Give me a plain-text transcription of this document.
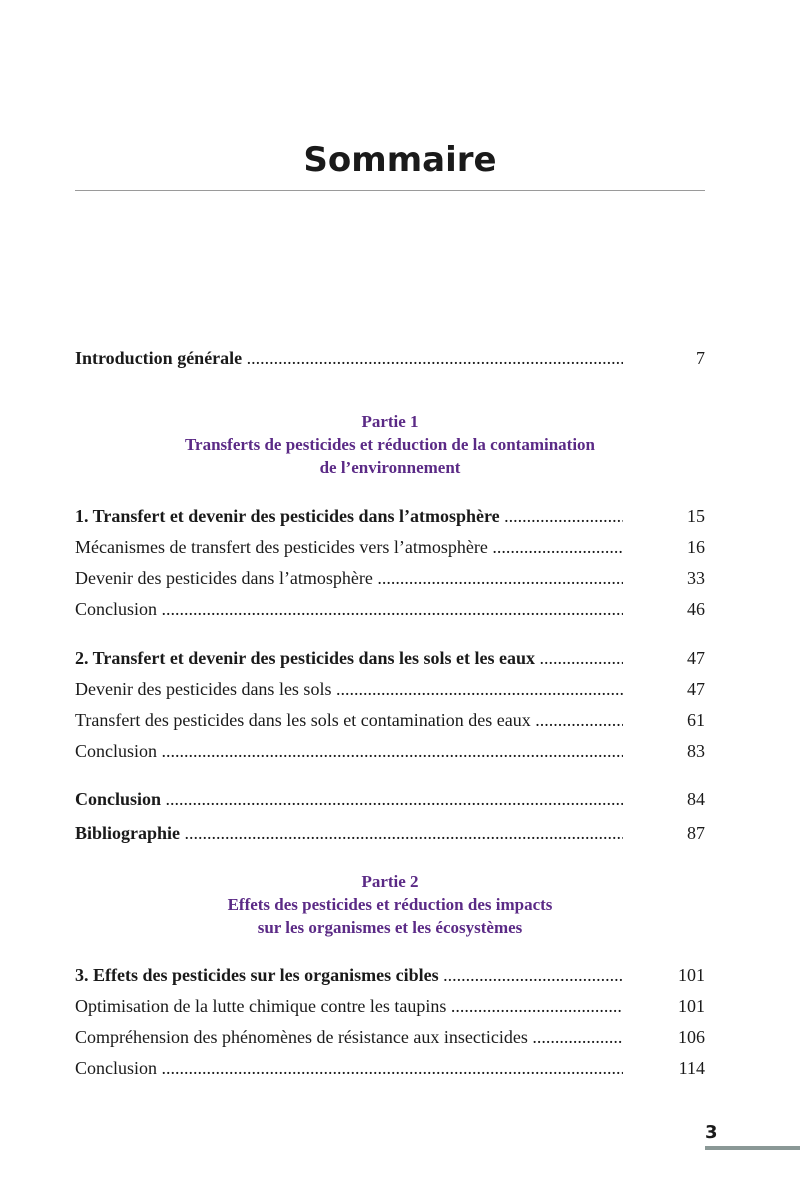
Sommaire
Introduction générale .....	7
Partie 1
Transferts de pesticides et réduction de la contamination
de l’environnement
1. Transfert et devenir des pesticides dans l’atmosphère .....	15
Mécanismes de transfert des pesticides vers l’atmosphère .....	16
Devenir des pesticides dans l’atmosphère .....	33
Conclusion .....	46
2. Transfert et devenir des pesticides dans les sols et les eaux .....	47
Devenir des pesticides dans les sols .....	47
Transfert des pesticides dans les sols et contamination des eaux .....	61
Conclusion .....	83
Conclusion .....	84
Bibliographie .....	87
Partie 2
Effets des pesticides et réduction des impacts
sur les organismes et les écosystèmes
3. Effets des pesticides sur les organismes cibles .....	101
Optimisation de la lutte chimique contre les taupins .....	101
Compréhension des phénomènes de résistance aux insecticides .....	106
Conclusion .....	114
3
